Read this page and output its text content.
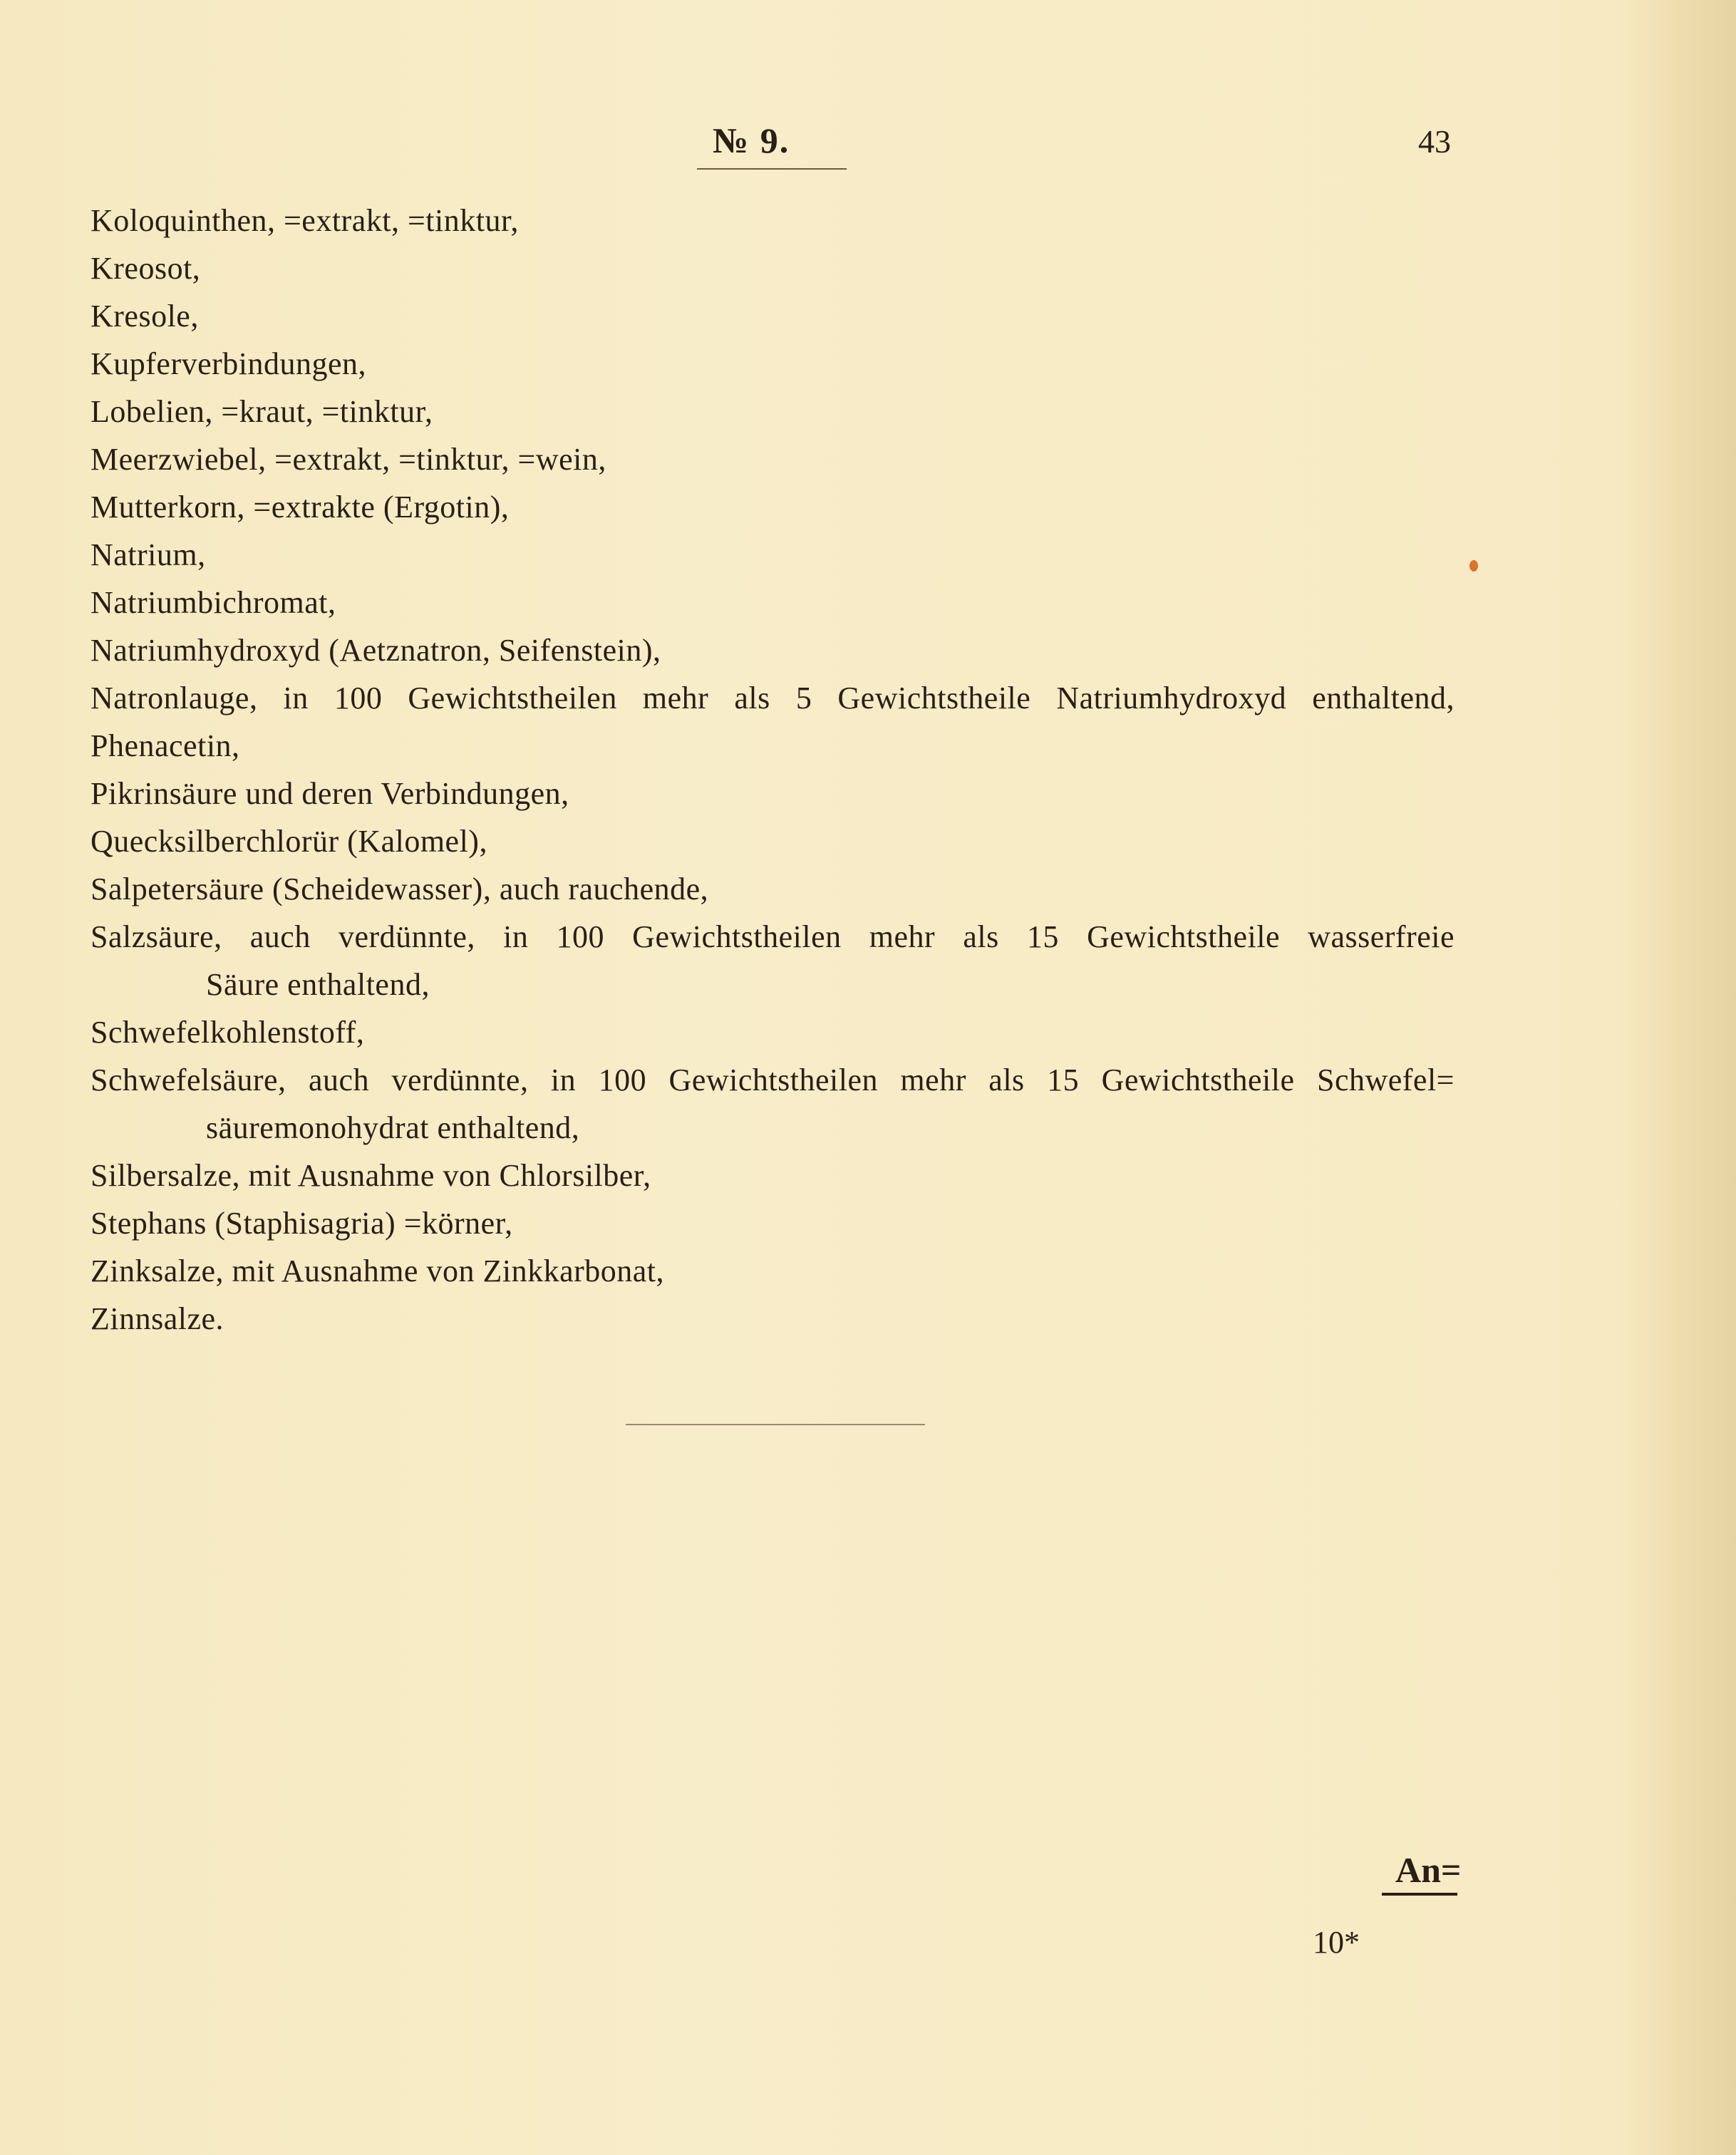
№ 9.	43
Koloquinthen, =extrakt, =tinktur,
Kreosot,
Kresole,
Kupferverbindungen,
Lobelien, =kraut, =tinktur,
Meerzwiebel, =extrakt, =tinktur, =wein,
Mutterkorn, =extrakte (Ergotin),
Natrium,
Natriumbichromat,
Natriumhydroxyd (Aetznatron, Seifenstein),
Natronlauge, in 100 Gewichtstheilen mehr als 5 Gewichtstheile Natriumhydroxyd enthaltend,
Phenacetin,
Pikrinsäure und deren Verbindungen,
Quecksilberchlorür (Kalomel),
Salpetersäure (Scheidewasser), auch rauchende,
Salzsäure, auch verdünnte, in 100 Gewichtstheilen mehr als 15 Gewichtstheile wasserfreie
Säure enthaltend,
Schwefelkohlenstoff,
Schwefelsäure, auch verdünnte, in 100 Gewichtstheilen mehr als 15 Gewichtstheile Schwefel=
säuremonohydrat enthaltend,
Silbersalze, mit Ausnahme von Chlorsilber,
Stephans (Staphisagria) =körner,
Zinksalze, mit Ausnahme von Zinkkarbonat,
Zinnsalze.
An=
10*
